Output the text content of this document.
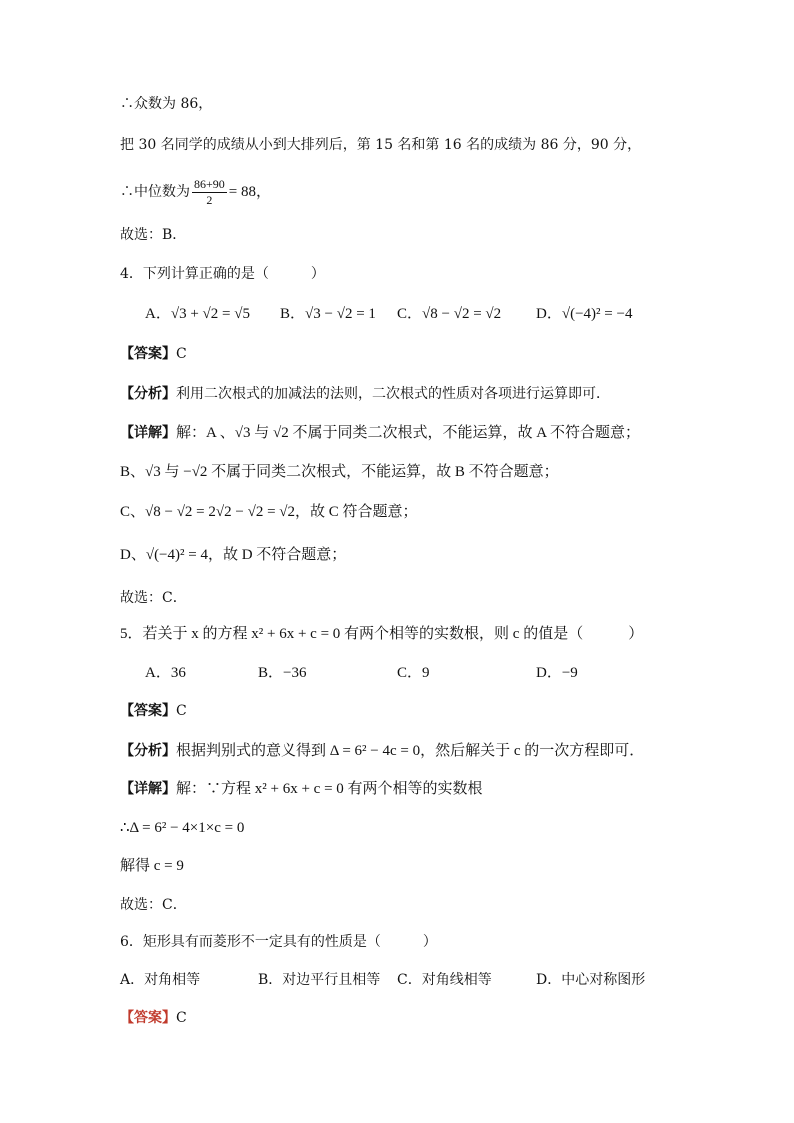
∴众数为 86，
把 30 名同学的成绩从小到大排列后，第 15 名和第 16 名的成绩为 86 分，90 分，
∴中位数为 $\frac{86+90}{2} = 88$，
故选：B．
4．下列计算正确的是（　　　）
A．√3 + √2 = √5 B．√3 − √2 = 1 C．√8 − √2 = √2 D．√(−4)² = −4
【答案】C
【分析】利用二次根式的加减法的法则，二次根式的性质对各项进行运算即可．
【详解】解：A 、√3 与 √2 不属于同类二次根式，不能运算，故 A 不符合题意；
B、√3 与 −√2 不属于同类二次根式，不能运算，故 B 不符合题意；
C、√8 − √2 = 2√2 − √2 = √2，故 C 符合题意；
D、√(−4)² = 4，故 D 不符合题意；
故选：C．
5．若关于 x 的方程 x² + 6x + c = 0 有两个相等的实数根，则 c 的值是（　　　）
A．36	B．−36	C．9	D．−9
【答案】C
【分析】根据判别式的意义得到 Δ = 6² − 4c = 0，然后解关于 c 的一次方程即可．
【详解】解：∵方程 x² + 6x + c = 0 有两个相等的实数根
∴Δ = 6² − 4×1×c = 0
解得 c = 9
故选：C．
6．矩形具有而菱形不一定具有的性质是（　　　）
A．对角相等	B．对边平行且相等 C．对角线相等	D．中心对称图形
【答案】C
